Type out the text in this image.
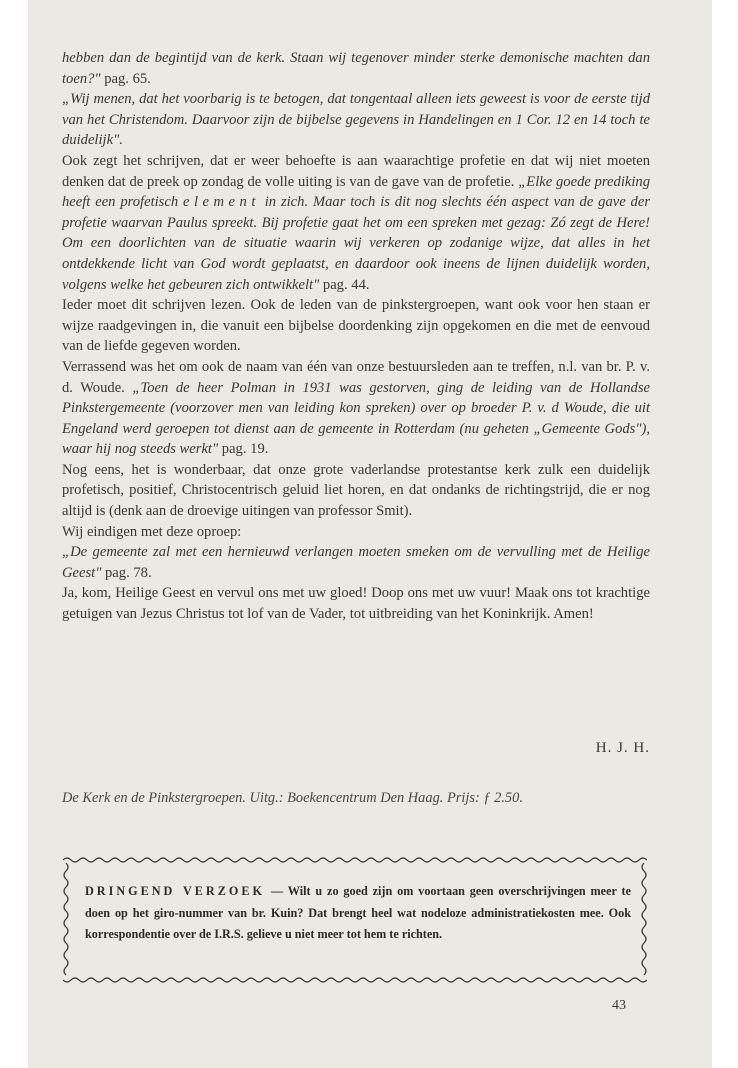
hebben dan de begintijd van de kerk. Staan wij tegenover minder sterke demonische machten dan toen?" pag. 65.

„Wij menen, dat het voorbarig is te betogen, dat tongentaal alleen iets geweest is voor de eerste tijd van het Christendom. Daarvoor zijn de bijbelse gegevens in Handelingen en 1 Cor. 12 en 14 toch te duidelijk".

Ook zegt het schrijven, dat er weer behoefte is aan waarachtige profetie en dat wij niet moeten denken dat de preek op zondag de volle uiting is van de gave van de profetie. „Elke goede prediking heeft een profetisch element in zich. Maar toch is dit nog slechts één aspect van de gave der profetie waarvan Paulus spreekt. Bij profetie gaat het om een spreken met gezag: Zó zegt de Here! Om een doorlichten van de situatie waarin wij verkeren op zodanige wijze, dat alles in het ontdekkende licht van God wordt geplaatst, en daardoor ook ineens de lijnen duidelijk worden, volgens welke het gebeuren zich ontwikkelt" pag. 44.

Ieder moet dit schrijven lezen. Ook de leden van de pinkstergroepen, want ook voor hen staan er wijze raadgevingen in, die vanuit een bijbelse doordenking zijn opgekomen en die met de eenvoud van de liefde gegeven worden.

Verrassend was het om ook de naam van één van onze bestuursleden aan te treffen, n.l. van br. P. v. d. Woude. „Toen de heer Polman in 1931 was gestorven, ging de leiding van de Hollandse Pinkstergemeente (voorzover men van leiding kon spreken) over op broeder P. v. d Woude, die uit Engeland werd geroepen tot dienst aan de gemeente in Rotterdam (nu geheten „Gemeente Gods"), waar hij nog steeds werkt" pag. 19.

Nog eens, het is wonderbaar, dat onze grote vaderlandse protestantse kerk zulk een duidelijk profetisch, positief, Christocentrisch geluid liet horen, en dat ondanks de richtingstrijd, die er nog altijd is (denk aan de droevige uitingen van professor Smit).

Wij eindigen met deze oproep:

„De gemeente zal met een hernieuwd verlangen moeten smeken om de vervulling met de Heilige Geest" pag. 78.

Ja, kom, Heilige Geest en vervul ons met uw gloed! Doop ons met uw vuur! Maak ons tot krachtige getuigen van Jezus Christus tot lof van de Vader, tot uitbreiding van het Koninkrijk. Amen!

H. J. H.
De Kerk en de Pinkstergroepen. Uitg.: Boekencentrum Den Haag. Prijs: ƒ 2.50.
DRINGEND VERZOEK — Wilt u zo goed zijn om voortaan geen overschrijvingen meer te doen op het giro-nummer van br. Kuin? Dat brengt heel wat nodeloze administratiekosten mee. Ook korrespondentie over de I.R.S. gelieve u niet meer tot hem te richten.
43
